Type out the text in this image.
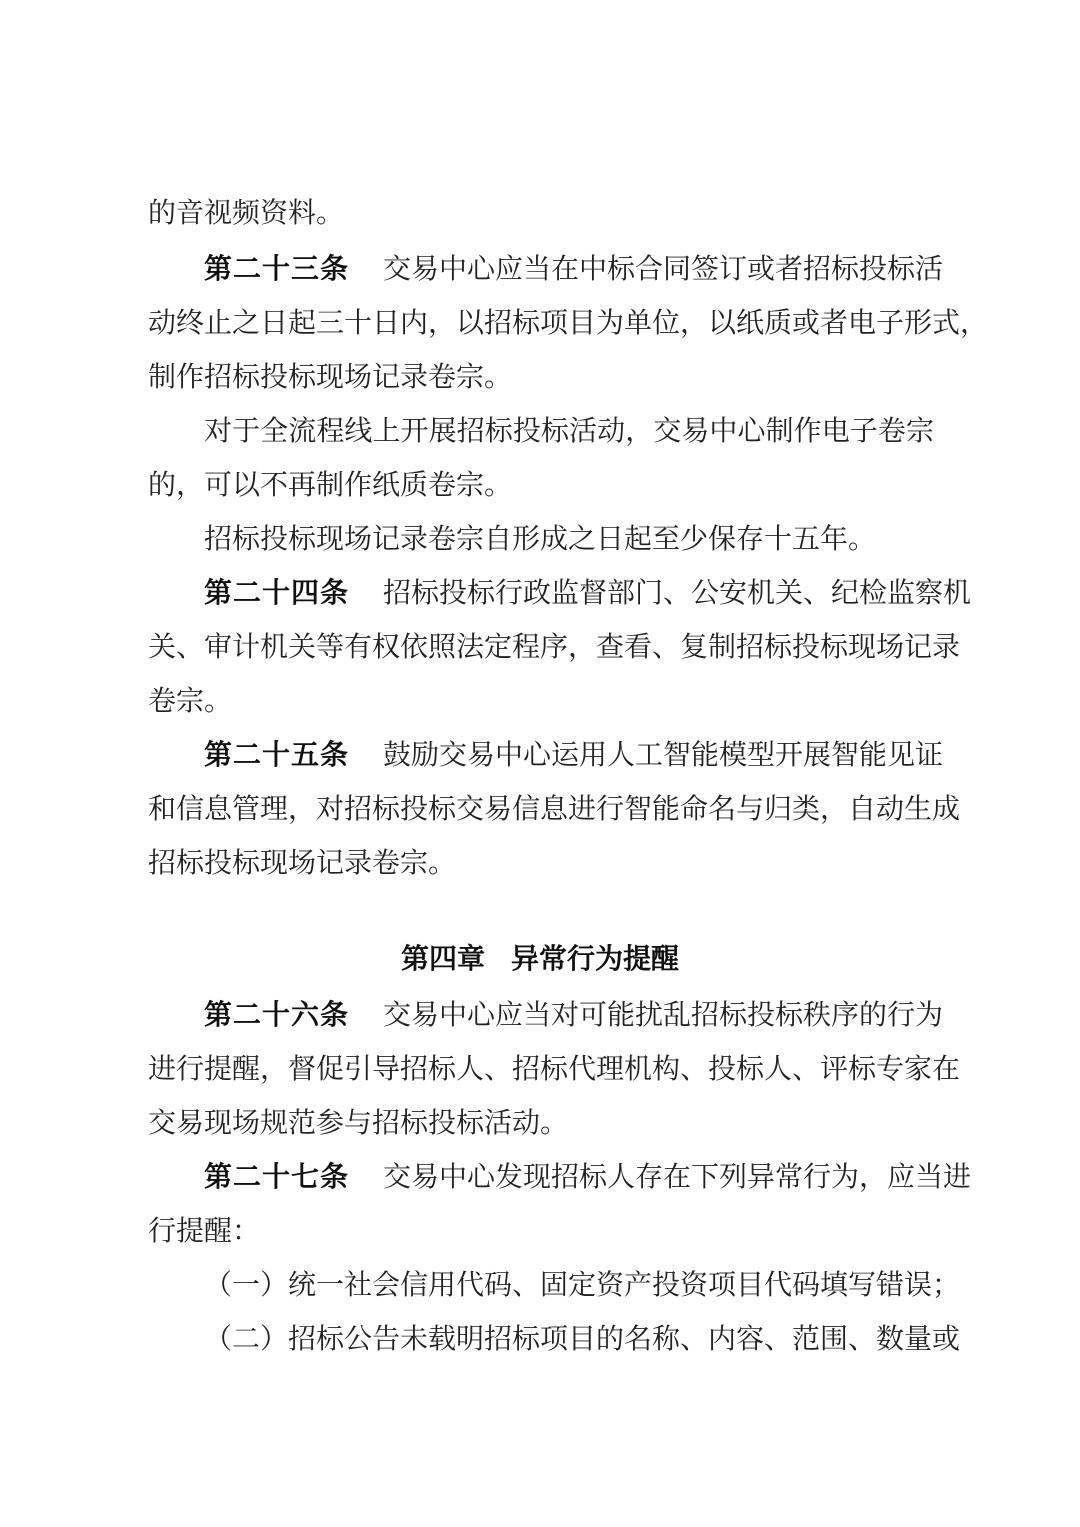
的音视频资料。
第二十三条 交易中心应当在中标合同签订或者招标投标活
动终止之日起三十日内，以招标项目为单位，以纸质或者电子形式，
制作招标投标现场记录卷宗。
对于全流程线上开展招标投标活动，交易中心制作电子卷宗
的，可以不再制作纸质卷宗。
招标投标现场记录卷宗自形成之日起至少保存十五年。
第二十四条 招标投标行政监督部门、公安机关、纪检监察机
关、审计机关等有权依照法定程序，查看、复制招标投标现场记录
卷宗。
第二十五条 鼓励交易中心运用人工智能模型开展智能见证
和信息管理，对招标投标交易信息进行智能命名与归类，自动生成
招标投标现场记录卷宗。
第四章 异常行为提醒
第二十六条 交易中心应当对可能扰乱招标投标秩序的行为
进行提醒，督促引导招标人、招标代理机构、投标人、评标专家在
交易现场规范参与招标投标活动。
第二十七条 交易中心发现招标人存在下列异常行为，应当进
行提醒：
（一）统一社会信用代码、固定资产投资项目代码填写错误；
（二）招标公告未载明招标项目的名称、内容、范围、数量或
